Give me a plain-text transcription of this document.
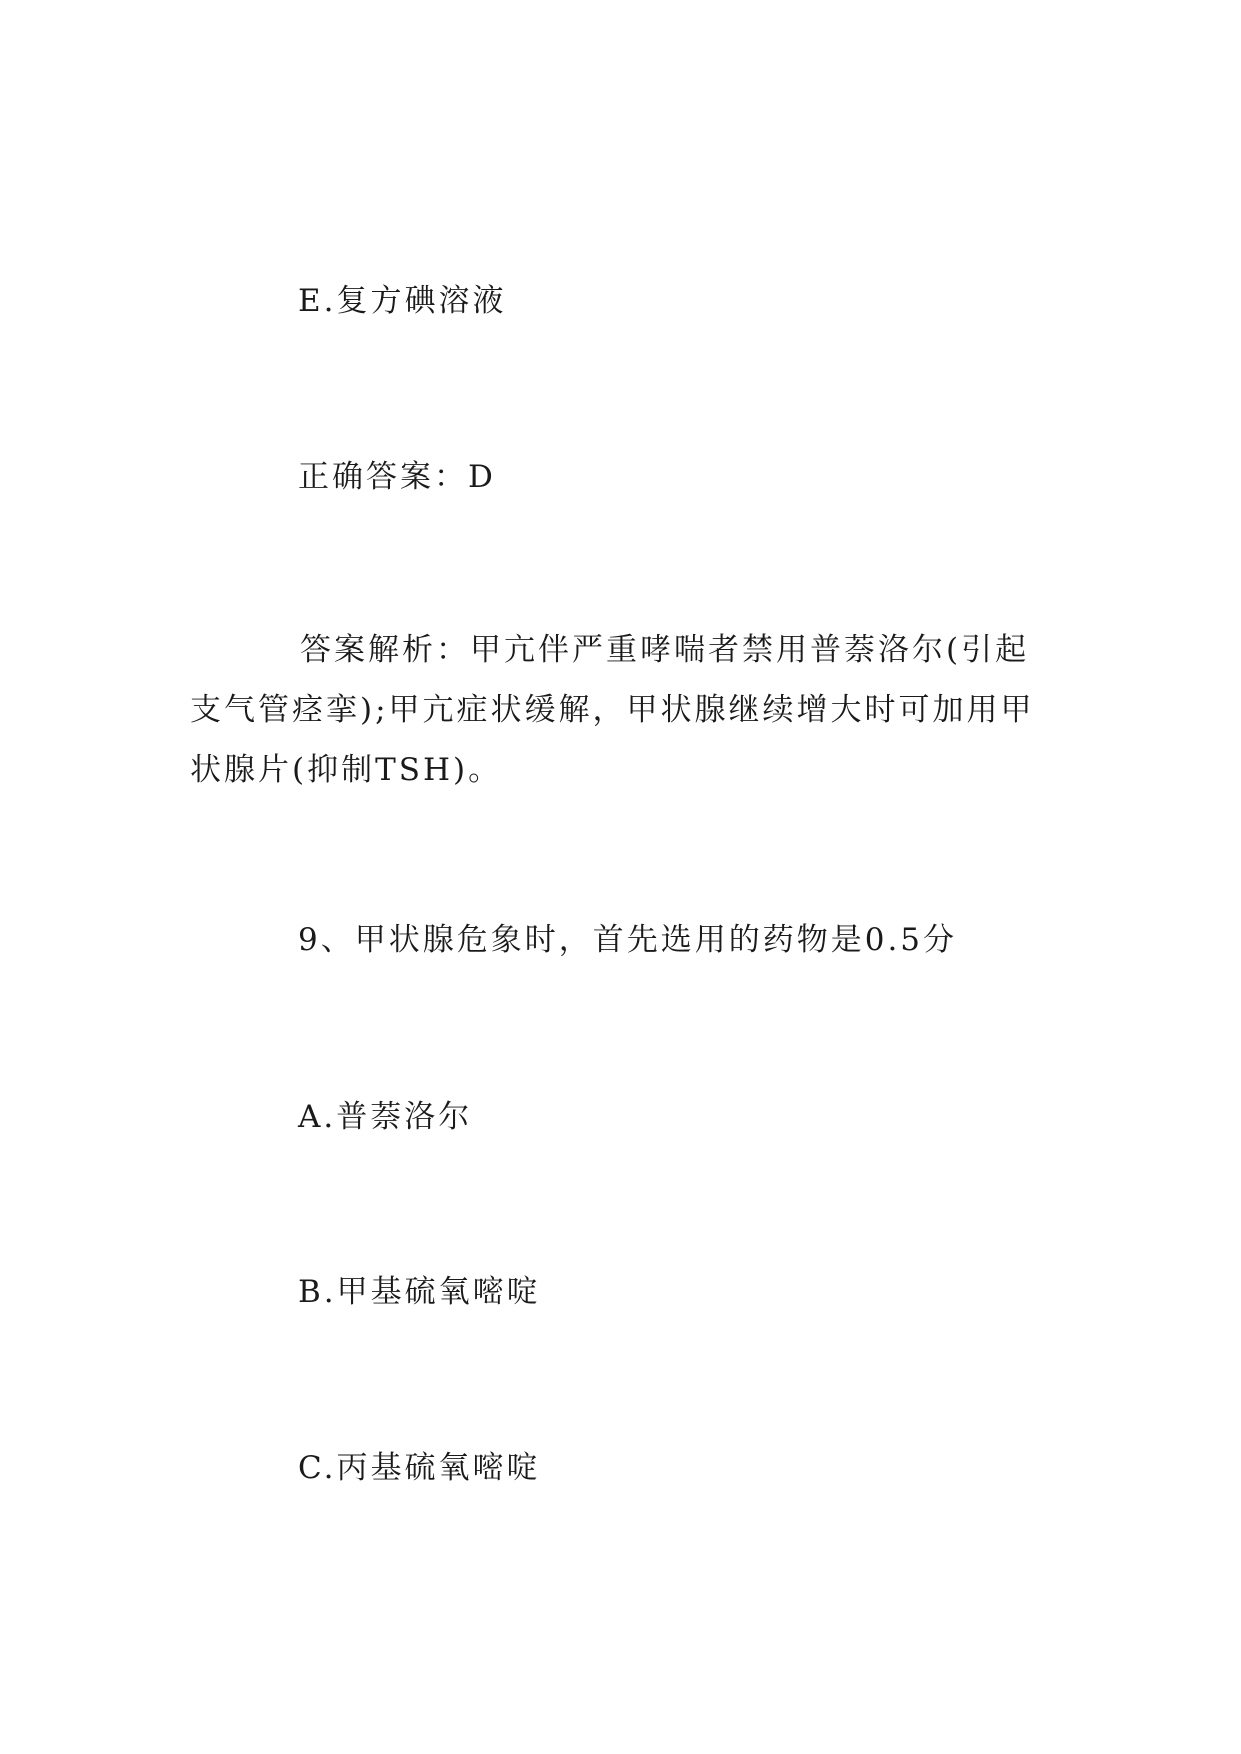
E.复方碘溶液
正确答案：D
答案解析：甲亢伴严重哮喘者禁用普萘洛尔(引起支气管痉挛);甲亢症状缓解，甲状腺继续增大时可加用甲状腺片(抑制TSH)。
9、甲状腺危象时，首先选用的药物是0.5分
A.普萘洛尔
B.甲基硫氧嘧啶
C.丙基硫氧嘧啶
